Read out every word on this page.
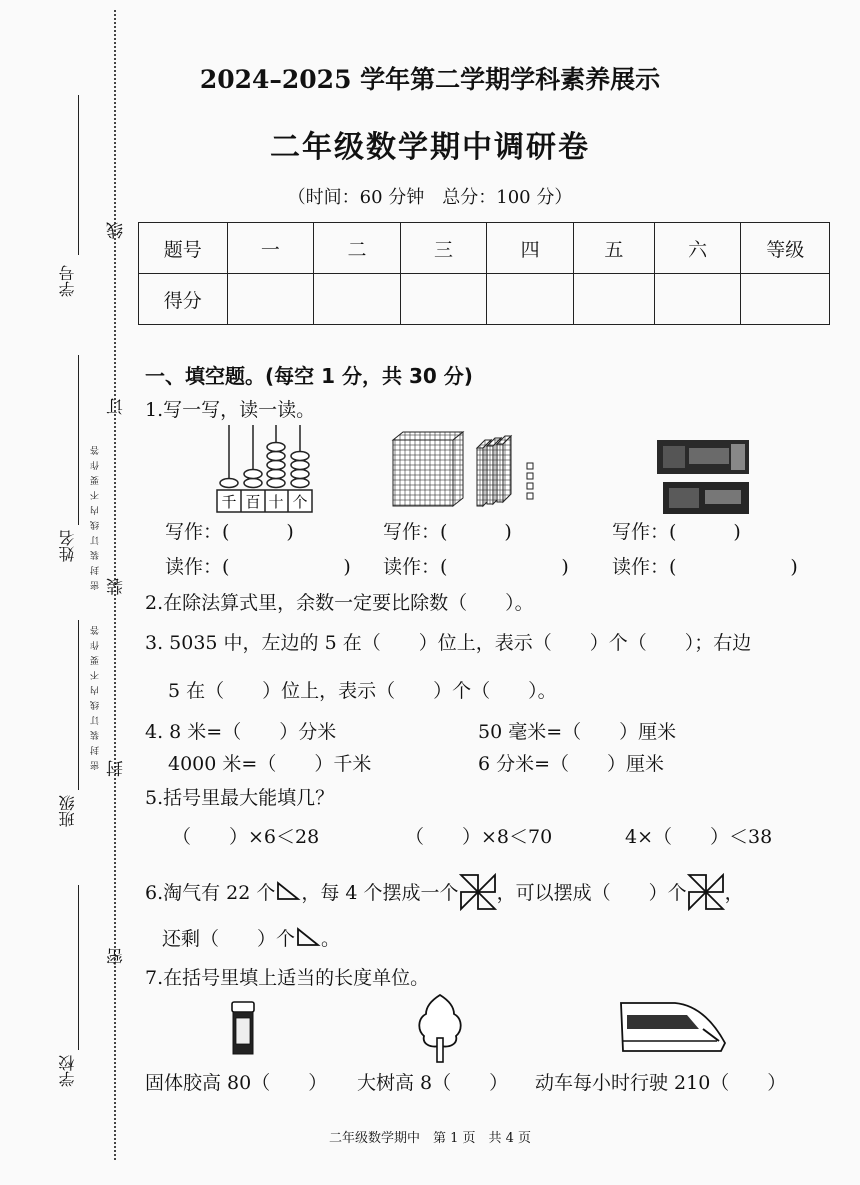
学号
姓名
班级
学校
线
订
装
封
密
密封装订线内不要作答
密封装订线内不要作答
2024–2025 学年第二学期学科素养展示
二年级数学期中调研卷
（时间：60 分钟　总分：100 分）
题号	一	二	三	四	五	六	等级
得分							
一、填空题。(每空 1 分，共 30 分)
1.写一写，读一读。
千 百 十 个
写作：(　　　)
读作：(　　　　　　)
写作：(　　　)
读作：(　　　　　　)
写作：(　　　)
读作：(　　　　　　)
2.在除法算式里，余数一定要比除数（　　）。
3. 5035 中，左边的 5 在（　　）位上，表示（　　）个（　　）；右边
5 在（　　）位上，表示（　　）个（　　）。
4. 8 米=（　　）分米	50 毫米=（　　）厘米
4000 米=（　　）千米	6 分米=（　　）厘米
5.括号里最大能填几？
（　　）×6＜28	（　　）×8＜70	4×（　　）＜38
6.淘气有 22 个 ，每 4 个摆成一个 ，可以摆成（　　）个 ，
还剩（　　）个 。
7.在括号里填上适当的长度单位。
固体胶高 80（　　） 大树高 8（　　） 动车每小时行驶 210（　　）
二年级数学期中　第 1 页　共 4 页
